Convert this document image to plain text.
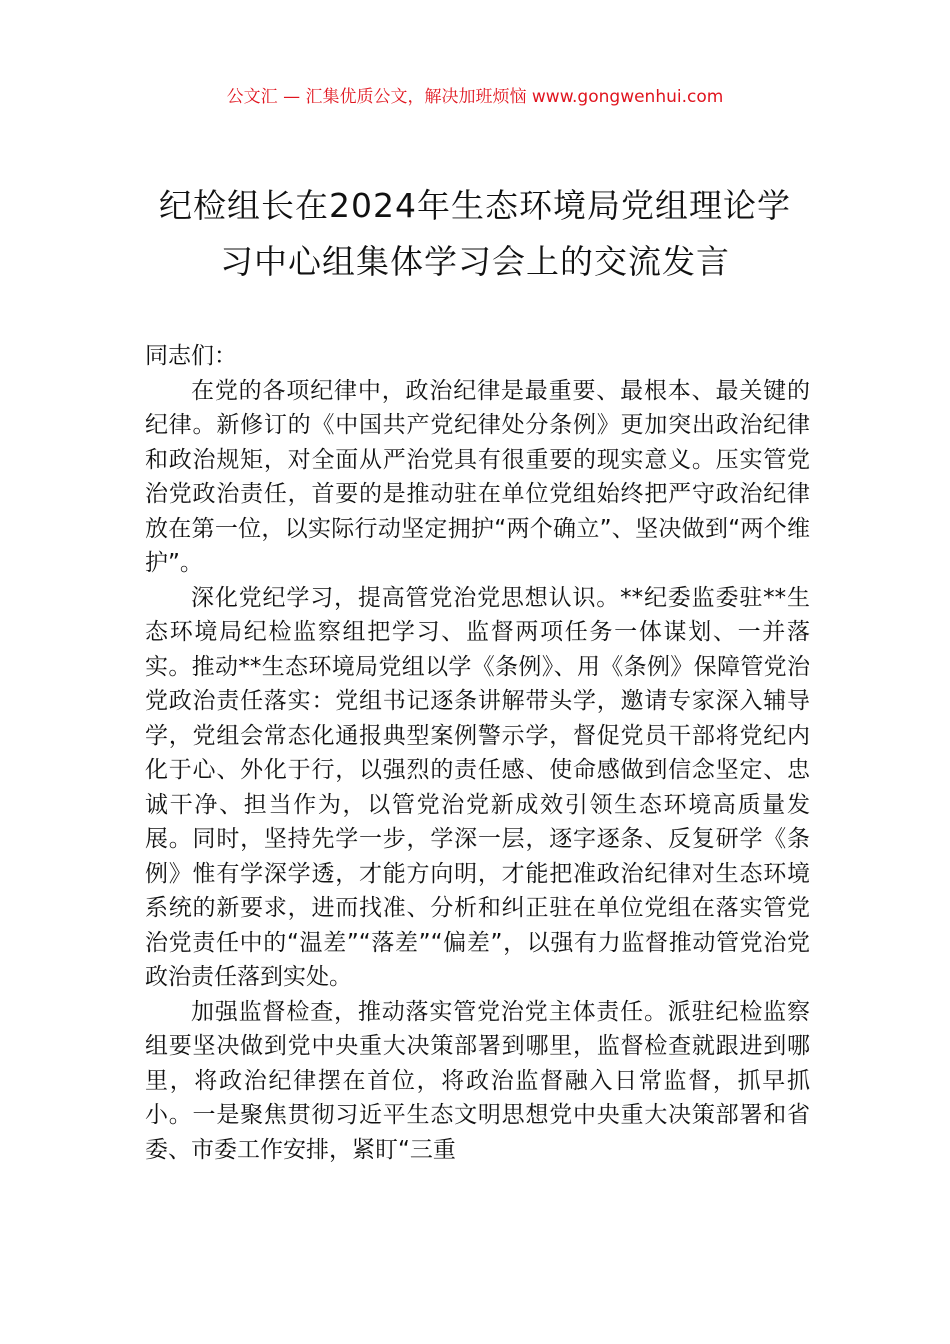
公文汇 — 汇集优质公文，解决加班烦恼 www.gongwenhui.com
纪检组长在2024年生态环境局党组理论学
习中心组集体学习会上的交流发言

同志们：

在党的各项纪律中，政治纪律是最重要、最根本、最关键的纪律。新修订的《中国共产党纪律处分条例》更加突出政治纪律和政治规矩，对全面从严治党具有很重要的现实意义。压实管党治党政治责任，首要的是推动驻在单位党组始终把严守政治纪律放在第一位，以实际行动坚定拥护“两个确立”、坚决做到“两个维护”。

深化党纪学习，提高管党治党思想认识。**纪委监委驻**生态环境局纪检监察组把学习、监督两项任务一体谋划、一并落实。推动**生态环境局党组以学《条例》、用《条例》保障管党治党政治责任落实：党组书记逐条讲解带头学，邀请专家深入辅导学，党组会常态化通报典型案例警示学，督促党员干部将党纪内化于心、外化于行，以强烈的责任感、使命感做到信念坚定、忠诚干净、担当作为，以管党治党新成效引领生态环境高质量发展。同时，坚持先学一步，学深一层，逐字逐条、反复研学《条例》惟有学深学透，才能方向明，才能把准政治纪律对生态环境系统的新要求，进而找准、分析和纠正驻在单位党组在落实管党治党责任中的“温差”“落差”“偏差”，以强有力监督推动管党治党政治责任落到实处。

加强监督检查，推动落实管党治党主体责任。派驻纪检监察组要坚决做到党中央重大决策部署到哪里，监督检查就跟进到哪里，将政治纪律摆在首位，将政治监督融入日常监督，抓早抓小。一是聚焦贯彻习近平生态文明思想党中央重大决策部署和省委、市委工作安排，紧盯“三重
